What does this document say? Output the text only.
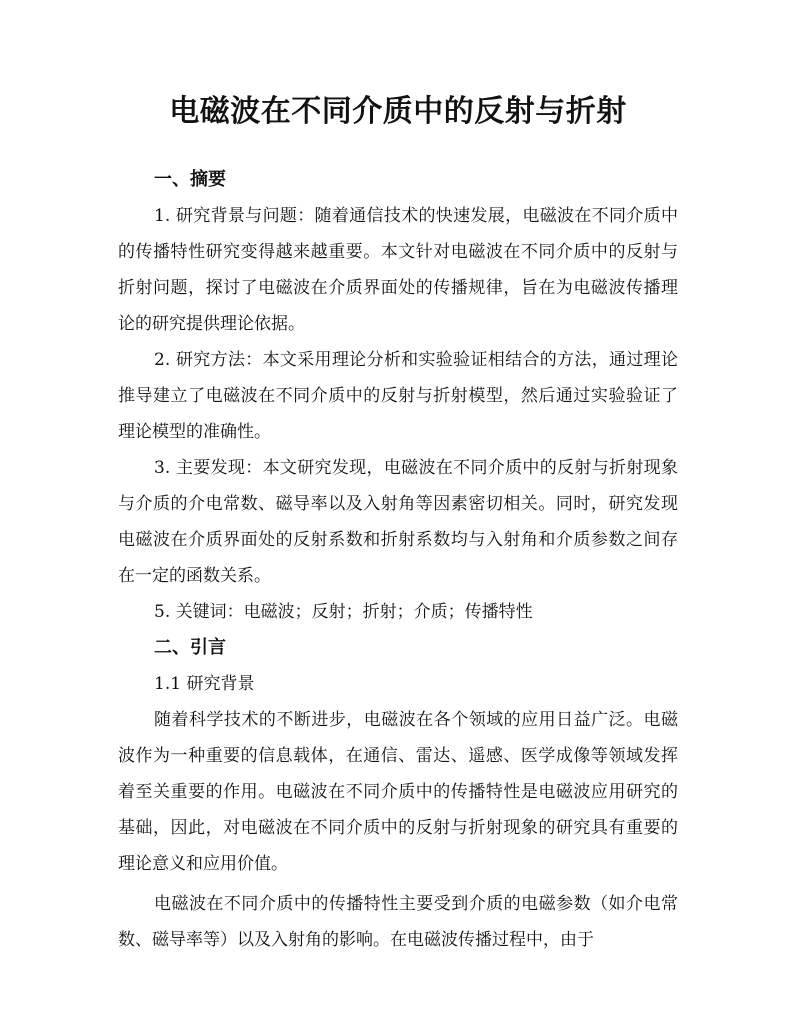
电磁波在不同介质中的反射与折射

一、摘要

1. 研究背景与问题：随着通信技术的快速发展，电磁波在不同介质中的传播特性研究变得越来越重要。本文针对电磁波在不同介质中的反射与折射问题，探讨了电磁波在介质界面处的传播规律，旨在为电磁波传播理论的研究提供理论依据。

2. 研究方法：本文采用理论分析和实验验证相结合的方法，通过理论推导建立了电磁波在不同介质中的反射与折射模型，然后通过实验验证了理论模型的准确性。

3. 主要发现：本文研究发现，电磁波在不同介质中的反射与折射现象与介质的介电常数、磁导率以及入射角等因素密切相关。同时，研究发现电磁波在介质界面处的反射系数和折射系数均与入射角和介质参数之间存在一定的函数关系。

5. 关键词：电磁波；反射；折射；介质；传播特性

二、引言

1.1 研究背景

随着科学技术的不断进步，电磁波在各个领域的应用日益广泛。电磁波作为一种重要的信息载体，在通信、雷达、遥感、医学成像等领域发挥着至关重要的作用。电磁波在不同介质中的传播特性是电磁波应用研究的基础，因此，对电磁波在不同介质中的反射与折射现象的研究具有重要的理论意义和应用价值。

电磁波在不同介质中的传播特性主要受到介质的电磁参数（如介电常数、磁导率等）以及入射角的影响。在电磁波传播过程中，由于
